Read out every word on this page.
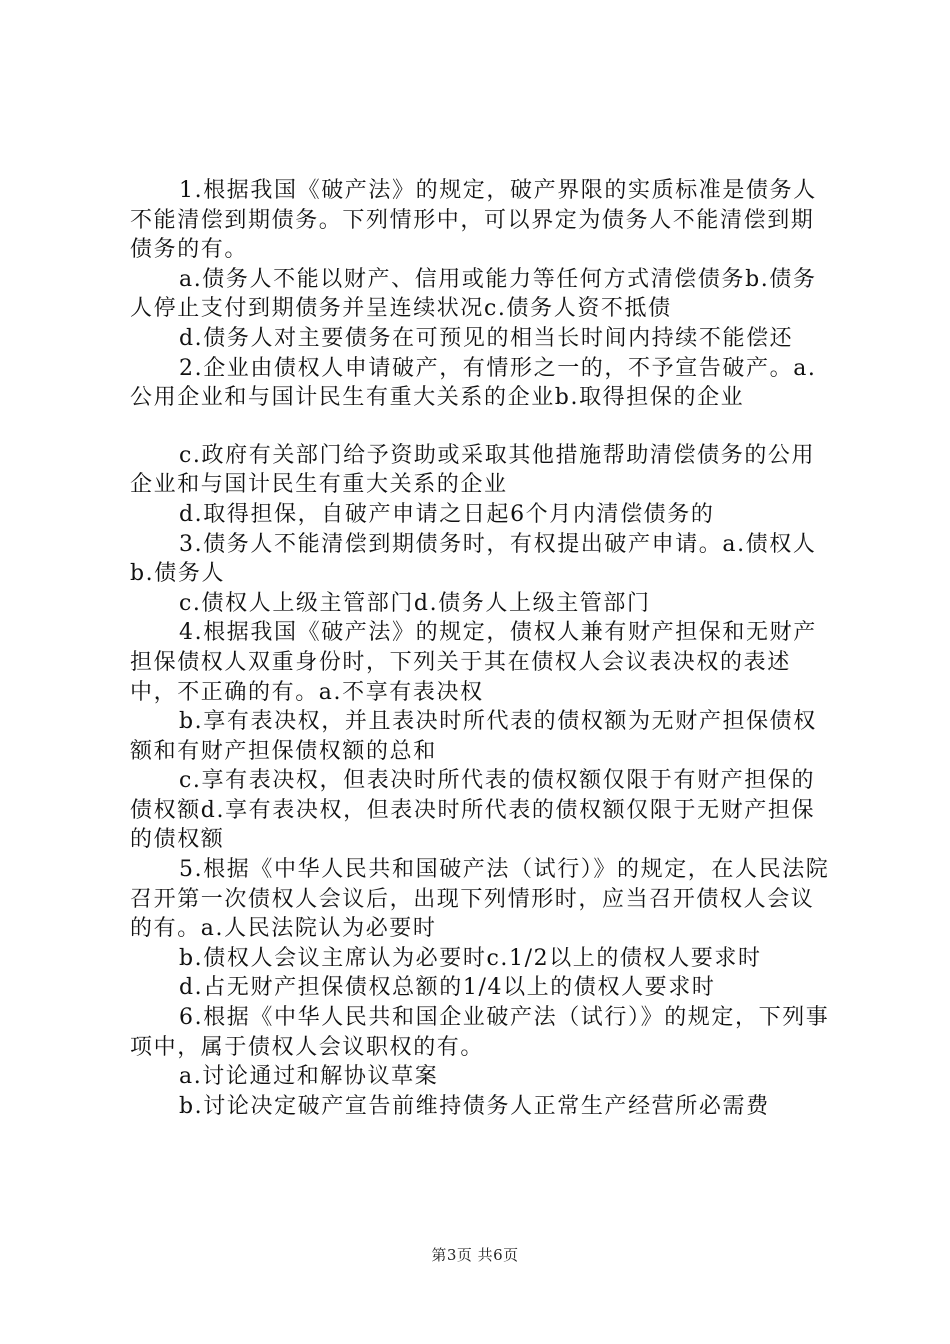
1.根据我国《破产法》的规定，破产界限的实质标准是债务人不能清偿到期债务。下列情形中，可以界定为债务人不能清偿到期债务的有。

a.债务人不能以财产、信用或能力等任何方式清偿债务b.债务人停止支付到期债务并呈连续状况c.债务人资不抵债

d.债务人对主要债务在可预见的相当长时间内持续不能偿还

2.企业由债权人申请破产，有情形之一的，不予宣告破产。a.公用企业和与国计民生有重大关系的企业b.取得担保的企业

c.政府有关部门给予资助或采取其他措施帮助清偿债务的公用企业和与国计民生有重大关系的企业

d.取得担保，自破产申请之日起6个月内清偿债务的

3.债务人不能清偿到期债务时，有权提出破产申请。a.债权人b.债务人

c.债权人上级主管部门d.债务人上级主管部门

4.根据我国《破产法》的规定，债权人兼有财产担保和无财产担保债权人双重身份时，下列关于其在债权人会议表决权的表述中，不正确的有。a.不享有表决权

b.享有表决权，并且表决时所代表的债权额为无财产担保债权额和有财产担保债权额的总和

c.享有表决权，但表决时所代表的债权额仅限于有财产担保的债权额d.享有表决权，但表决时所代表的债权额仅限于无财产担保的债权额

5.根据《中华人民共和国破产法（试行）》的规定，在人民法院召开第一次债权人会议后，出现下列情形时，应当召开债权人会议的有。a.人民法院认为必要时

b.债权人会议主席认为必要时c.1/2以上的债权人要求时

d.占无财产担保债权总额的1/4以上的债权人要求时

6.根据《中华人民共和国企业破产法（试行）》的规定，下列事项中，属于债权人会议职权的有。

a.讨论通过和解协议草案

b.讨论决定破产宣告前维持债务人正常生产经营所必需费

第3页 共6页
